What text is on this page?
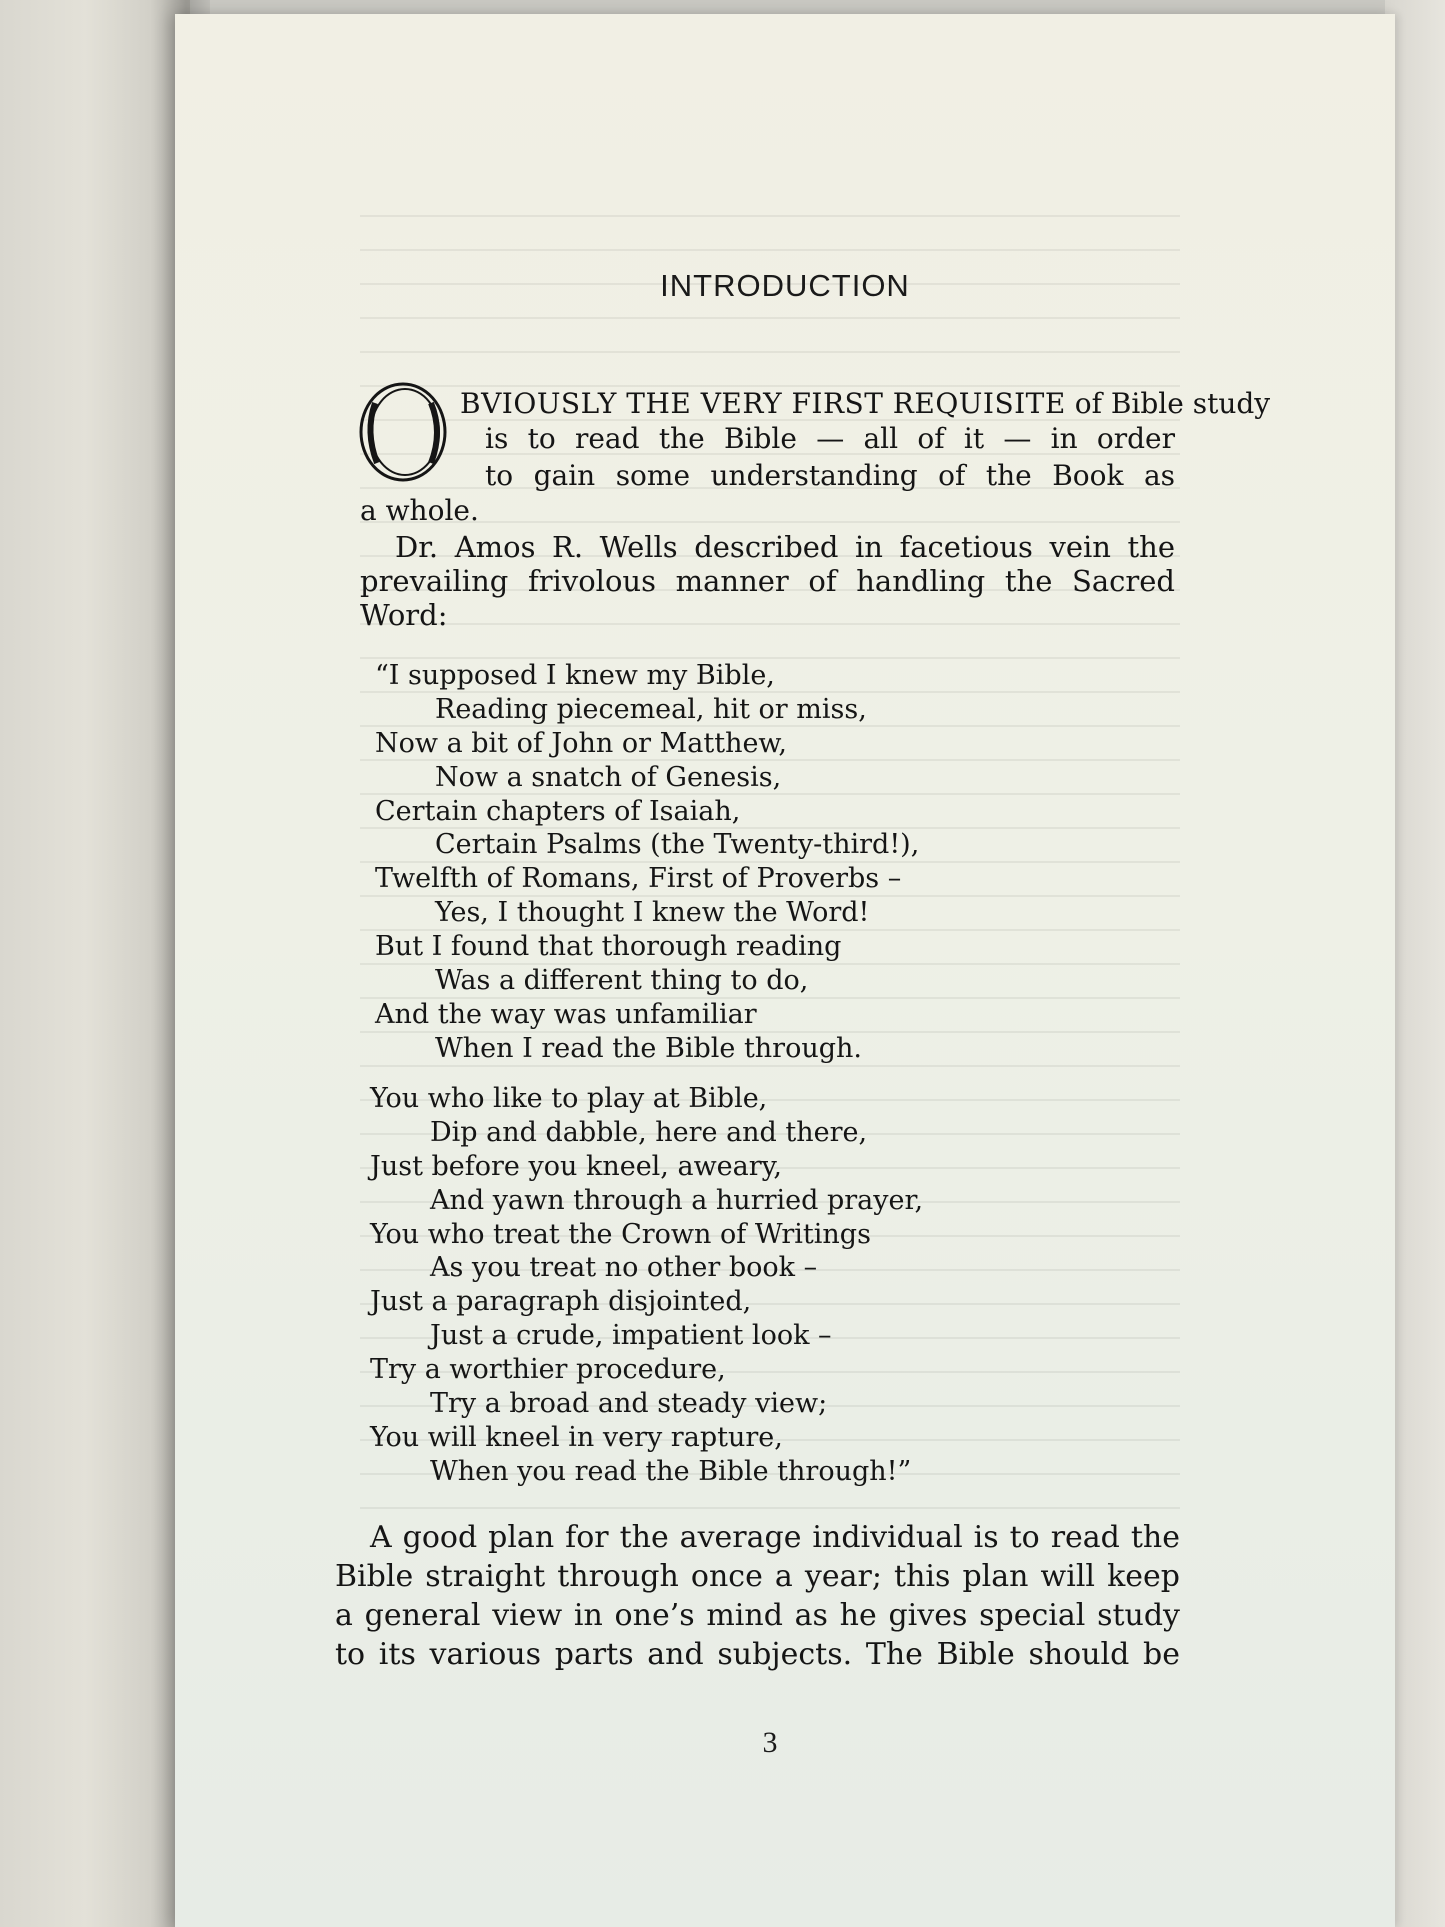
INTRODUCTION
BVIOUSLY THE VERY FIRST REQUISITE of Bible study
is to read the Bible — all of it — in order
to gain some understanding of the Book as
a whole.
Dr. Amos R. Wells described in facetious vein the
prevailing frivolous manner of handling the Sacred
Word:
“I supposed I knew my Bible,
Reading piecemeal, hit or miss,
Now a bit of John or Matthew,
Now a snatch of Genesis,
Certain chapters of Isaiah,
Certain Psalms (the Twenty-third!),
Twelfth of Romans, First of Proverbs –
Yes, I thought I knew the Word!
But I found that thorough reading
Was a different thing to do,
And the way was unfamiliar
When I read the Bible through.
You who like to play at Bible,
Dip and dabble, here and there,
Just before you kneel, aweary,
And yawn through a hurried prayer,
You who treat the Crown of Writings
As you treat no other book –
Just a paragraph disjointed,
Just a crude, impatient look –
Try a worthier procedure,
Try a broad and steady view;
You will kneel in very rapture,
When you read the Bible through!”
A good plan for the average individual is to read the
Bible straight through once a year; this plan will keep
a general view in one’s mind as he gives special study
to its various parts and subjects. The Bible should be
3
